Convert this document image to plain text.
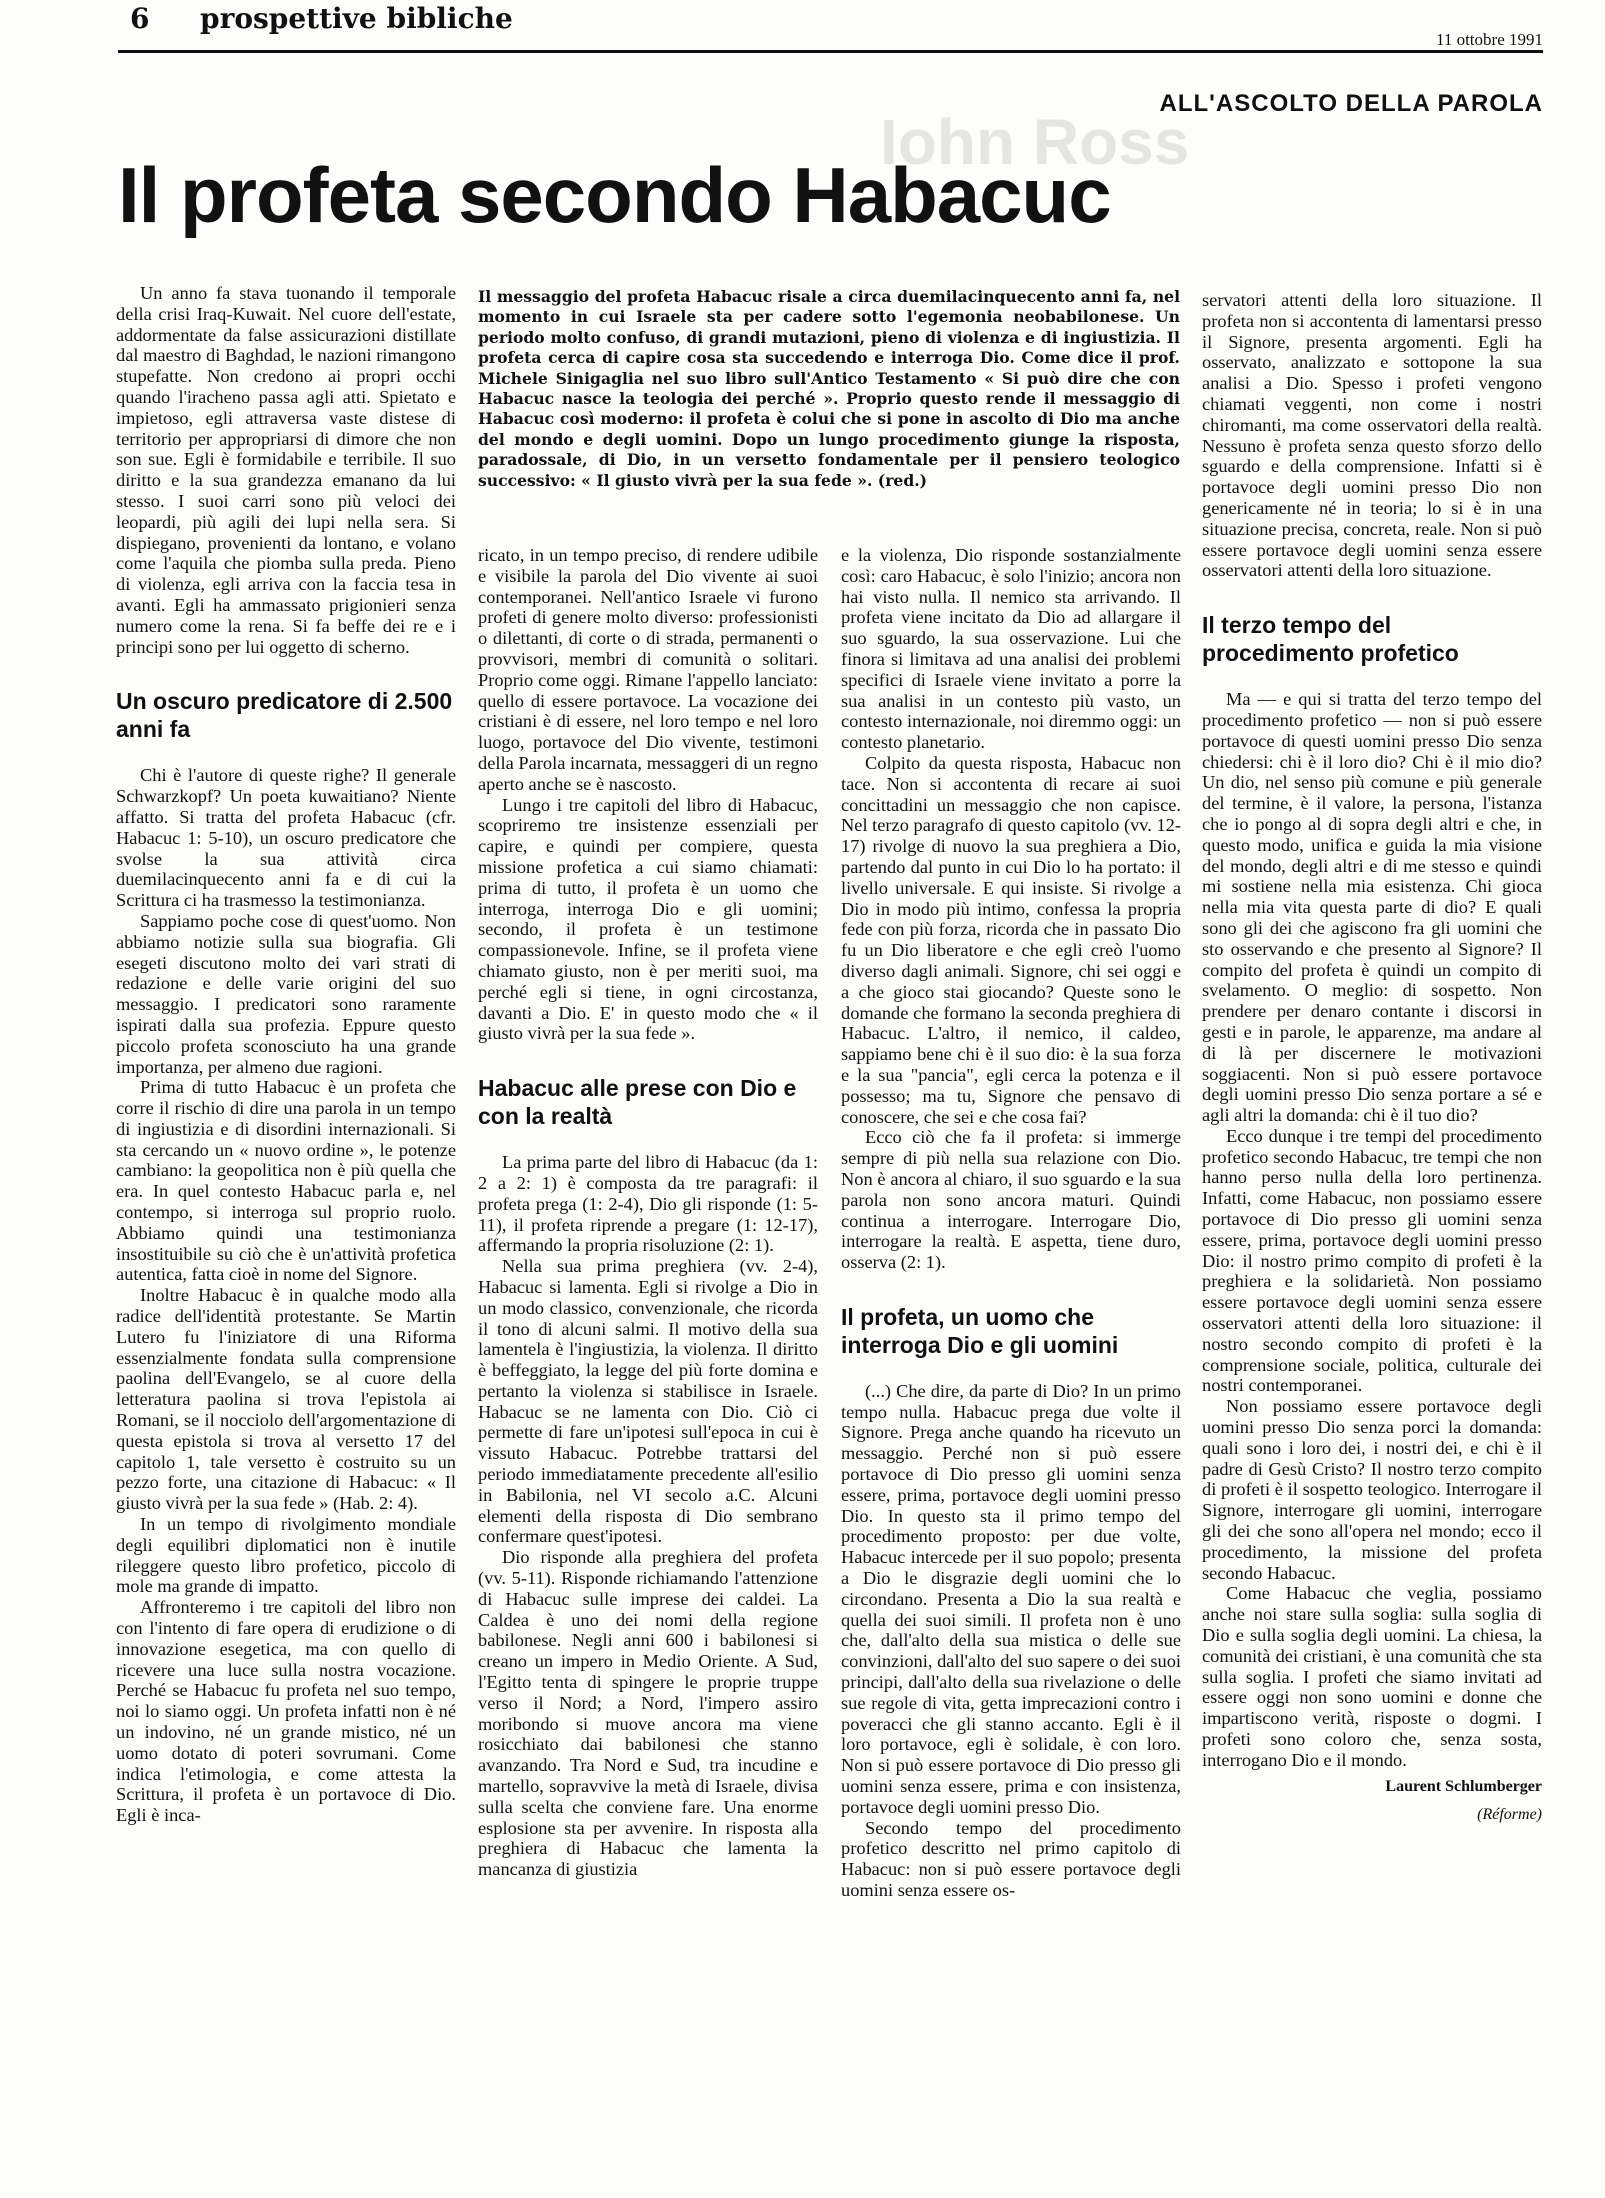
6 prospettive bibliche
11 ottobre 1991
Iohn Ross
ALL'ASCOLTO DELLA PAROLA
Il profeta secondo Habacuc

Il messaggio del profeta Habacuc risale a circa duemilacinquecento anni fa, nel momento in cui Israele sta per cadere sotto l'egemonia neobabilonese. Un periodo molto confuso, di grandi mutazioni, pieno di violenza e di ingiustizia. Il profeta cerca di capire cosa sta succedendo e interroga Dio. Come dice il prof. Michele Sinigaglia nel suo libro sull'Antico Testamento « Si può dire che con Habacuc nasce la teologia dei perché ». Proprio questo rende il messaggio di Habacuc così moderno: il profeta è colui che si pone in ascolto di Dio ma anche del mondo e degli uomini. Dopo un lungo procedimento giunge la risposta, paradossale, di Dio, in un versetto fondamentale per il pensiero teologico successivo: « Il giusto vivrà per la sua fede ». (red.)

Un anno fa stava tuonando il temporale della crisi Iraq-Kuwait. Nel cuore dell'estate, addormentate da false assicurazioni distillate dal maestro di Baghdad, le nazioni rimangono stupefatte. Non credono ai propri occhi quando l'iracheno passa agli atti. Spietato e impietoso, egli attraversa vaste distese di territorio per appropriarsi di dimore che non son sue. Egli è formidabile e terribile. Il suo diritto e la sua grandezza emanano da lui stesso. I suoi carri sono più veloci dei leopardi, più agili dei lupi nella sera. Si dispiegano, provenienti da lontano, e volano come l'aquila che piomba sulla preda. Pieno di violenza, egli arriva con la faccia tesa in avanti. Egli ha ammassato prigionieri senza numero come la rena. Si fa beffe dei re e i principi sono per lui oggetto di scherno.

Un oscuro predicatore di 2.500 anni fa

Chi è l'autore di queste righe? Il generale Schwarzkopf? Un poeta kuwaitiano? Niente affatto. Si tratta del profeta Habacuc (cfr. Habacuc 1: 5-10), un oscuro predicatore che svolse la sua attività circa duemilacinquecento anni fa e di cui la Scrittura ci ha trasmesso la testimonianza.

Sappiamo poche cose di quest'uomo. Non abbiamo notizie sulla sua biografia. Gli esegeti discutono molto dei vari strati di redazione e delle varie origini del suo messaggio. I predicatori sono raramente ispirati dalla sua profezia. Eppure questo piccolo profeta sconosciuto ha una grande importanza, per almeno due ragioni.

Prima di tutto Habacuc è un profeta che corre il rischio di dire una parola in un tempo di ingiustizia e di disordini internazionali. Si sta cercando un « nuovo ordine », le potenze cambiano: la geopolitica non è più quella che era. In quel contesto Habacuc parla e, nel contempo, si interroga sul proprio ruolo. Abbiamo quindi una testimonianza insostituibile su ciò che è un'attività profetica autentica, fatta cioè in nome del Signore.

Inoltre Habacuc è in qualche modo alla radice dell'identità protestante. Se Martin Lutero fu l'iniziatore di una Riforma essenzialmente fondata sulla comprensione paolina dell'Evangelo, se al cuore della letteratura paolina si trova l'epistola ai Romani, se il nocciolo dell'argomentazione di questa epistola si trova al versetto 17 del capitolo 1, tale versetto è costruito su un pezzo forte, una citazione di Habacuc: « Il giusto vivrà per la sua fede » (Hab. 2: 4).

In un tempo di rivolgimento mondiale degli equilibri diplomatici non è inutile rileggere questo libro profetico, piccolo di mole ma grande di impatto.

Affronteremo i tre capitoli del libro non con l'intento di fare opera di erudizione o di innovazione esegetica, ma con quello di ricevere una luce sulla nostra vocazione. Perché se Habacuc fu profeta nel suo tempo, noi lo siamo oggi. Un profeta infatti non è né un indovino, né un grande mistico, né un uomo dotato di poteri sovrumani. Come indica l'etimologia, e come attesta la Scrittura, il profeta è un portavoce di Dio. Egli è inca-

ricato, in un tempo preciso, di rendere udibile e visibile la parola del Dio vivente ai suoi contemporanei. Nell'antico Israele vi furono profeti di genere molto diverso: professionisti o dilettanti, di corte o di strada, permanenti o provvisori, membri di comunità o solitari. Proprio come oggi. Rimane l'appello lanciato: quello di essere portavoce. La vocazione dei cristiani è di essere, nel loro tempo e nel loro luogo, portavoce del Dio vivente, testimoni della Parola incarnata, messaggeri di un regno aperto anche se è nascosto.

Lungo i tre capitoli del libro di Habacuc, scopriremo tre insistenze essenziali per capire, e quindi per compiere, questa missione profetica a cui siamo chiamati: prima di tutto, il profeta è un uomo che interroga, interroga Dio e gli uomini; secondo, il profeta è un testimone compassionevole. Infine, se il profeta viene chiamato giusto, non è per meriti suoi, ma perché egli si tiene, in ogni circostanza, davanti a Dio. E' in questo modo che « il giusto vivrà per la sua fede ».

Habacuc alle prese con Dio e con la realtà

La prima parte del libro di Habacuc (da 1: 2 a 2: 1) è composta da tre paragrafi: il profeta prega (1: 2-4), Dio gli risponde (1: 5-11), il profeta riprende a pregare (1: 12-17), affermando la propria risoluzione (2: 1).

Nella sua prima preghiera (vv. 2-4), Habacuc si lamenta. Egli si rivolge a Dio in un modo classico, convenzionale, che ricorda il tono di alcuni salmi. Il motivo della sua lamentela è l'ingiustizia, la violenza. Il diritto è beffeggiato, la legge del più forte domina e pertanto la violenza si stabilisce in Israele. Habacuc se ne lamenta con Dio. Ciò ci permette di fare un'ipotesi sull'epoca in cui è vissuto Habacuc. Potrebbe trattarsi del periodo immediatamente precedente all'esilio in Babilonia, nel VI secolo a.C. Alcuni elementi della risposta di Dio sembrano confermare quest'ipotesi.

Dio risponde alla preghiera del profeta (vv. 5-11). Risponde richiamando l'attenzione di Habacuc sulle imprese dei caldei. La Caldea è uno dei nomi della regione babilonese. Negli anni 600 i babilonesi si creano un impero in Medio Oriente. A Sud, l'Egitto tenta di spingere le proprie truppe verso il Nord; a Nord, l'impero assiro moribondo si muove ancora ma viene rosicchiato dai babilonesi che stanno avanzando. Tra Nord e Sud, tra incudine e martello, sopravvive la metà di Israele, divisa sulla scelta che conviene fare. Una enorme esplosione sta per avvenire. In risposta alla preghiera di Habacuc che lamenta la mancanza di giustizia

e la violenza, Dio risponde sostanzialmente così: caro Habacuc, è solo l'inizio; ancora non hai visto nulla. Il nemico sta arrivando. Il profeta viene incitato da Dio ad allargare il suo sguardo, la sua osservazione. Lui che finora si limitava ad una analisi dei problemi specifici di Israele viene invitato a porre la sua analisi in un contesto più vasto, un contesto internazionale, noi diremmo oggi: un contesto planetario.

Colpito da questa risposta, Habacuc non tace. Non si accontenta di recare ai suoi concittadini un messaggio che non capisce. Nel terzo paragrafo di questo capitolo (vv. 12-17) rivolge di nuovo la sua preghiera a Dio, partendo dal punto in cui Dio lo ha portato: il livello universale. E qui insiste. Si rivolge a Dio in modo più intimo, confessa la propria fede con più forza, ricorda che in passato Dio fu un Dio liberatore e che egli creò l'uomo diverso dagli animali. Signore, chi sei oggi e a che gioco stai giocando? Queste sono le domande che formano la seconda preghiera di Habacuc. L'altro, il nemico, il caldeo, sappiamo bene chi è il suo dio: è la sua forza e la sua "pancia", egli cerca la potenza e il possesso; ma tu, Signore che pensavo di conoscere, che sei e che cosa fai?

Ecco ciò che fa il profeta: si immerge sempre di più nella sua relazione con Dio. Non è ancora al chiaro, il suo sguardo e la sua parola non sono ancora maturi. Quindi continua a interrogare. Interrogare Dio, interrogare la realtà. E aspetta, tiene duro, osserva (2: 1).

Il profeta, un uomo che interroga Dio e gli uomini

(...) Che dire, da parte di Dio? In un primo tempo nulla. Habacuc prega due volte il Signore. Prega anche quando ha ricevuto un messaggio. Perché non si può essere portavoce di Dio presso gli uomini senza essere, prima, portavoce degli uomini presso Dio. In questo sta il primo tempo del procedimento proposto: per due volte, Habacuc intercede per il suo popolo; presenta a Dio le disgrazie degli uomini che lo circondano. Presenta a Dio la sua realtà e quella dei suoi simili. Il profeta non è uno che, dall'alto della sua mistica o delle sue convinzioni, dall'alto del suo sapere o dei suoi principi, dall'alto della sua rivelazione o delle sue regole di vita, getta imprecazioni contro i poveracci che gli stanno accanto. Egli è il loro portavoce, egli è solidale, è con loro. Non si può essere portavoce di Dio presso gli uomini senza essere, prima e con insistenza, portavoce degli uomini presso Dio.

Secondo tempo del procedimento profetico descritto nel primo capitolo di Habacuc: non si può essere portavoce degli uomini senza essere os-

servatori attenti della loro situazione. Il profeta non si accontenta di lamentarsi presso il Signore, presenta argomenti. Egli ha osservato, analizzato e sottopone la sua analisi a Dio. Spesso i profeti vengono chiamati veggenti, non come i nostri chiromanti, ma come osservatori della realtà. Nessuno è profeta senza questo sforzo dello sguardo e della comprensione. Infatti si è portavoce degli uomini presso Dio non genericamente né in teoria; lo si è in una situazione precisa, concreta, reale. Non si può essere portavoce degli uomini senza essere osservatori attenti della loro situazione.

Il terzo tempo del procedimento profetico

Ma — e qui si tratta del terzo tempo del procedimento profetico — non si può essere portavoce di questi uomini presso Dio senza chiedersi: chi è il loro dio? Chi è il mio dio? Un dio, nel senso più comune e più generale del termine, è il valore, la persona, l'istanza che io pongo al di sopra degli altri e che, in questo modo, unifica e guida la mia visione del mondo, degli altri e di me stesso e quindi mi sostiene nella mia esistenza. Chi gioca nella mia vita questa parte di dio? E quali sono gli dei che agiscono fra gli uomini che sto osservando e che presento al Signore? Il compito del profeta è quindi un compito di svelamento. O meglio: di sospetto. Non prendere per denaro contante i discorsi in gesti e in parole, le apparenze, ma andare al di là per discernere le motivazioni soggiacenti. Non si può essere portavoce degli uomini presso Dio senza portare a sé e agli altri la domanda: chi è il tuo dio?

Ecco dunque i tre tempi del procedimento profetico secondo Habacuc, tre tempi che non hanno perso nulla della loro pertinenza. Infatti, come Habacuc, non possiamo essere portavoce di Dio presso gli uomini senza essere, prima, portavoce degli uomini presso Dio: il nostro primo compito di profeti è la preghiera e la solidarietà. Non possiamo essere portavoce degli uomini senza essere osservatori attenti della loro situazione: il nostro secondo compito di profeti è la comprensione sociale, politica, culturale dei nostri contemporanei.

Non possiamo essere portavoce degli uomini presso Dio senza porci la domanda: quali sono i loro dei, i nostri dei, e chi è il padre di Gesù Cristo? Il nostro terzo compito di profeti è il sospetto teologico. Interrogare il Signore, interrogare gli uomini, interrogare gli dei che sono all'opera nel mondo; ecco il procedimento, la missione del profeta secondo Habacuc.

Come Habacuc che veglia, possiamo anche noi stare sulla soglia: sulla soglia di Dio e sulla soglia degli uomini. La chiesa, la comunità dei cristiani, è una comunità che sta sulla soglia. I profeti che siamo invitati ad essere oggi non sono uomini e donne che impartiscono verità, risposte o dogmi. I profeti sono coloro che, senza sosta, interrogano Dio e il mondo.

Laurent Schlumberger
(Réforme)
